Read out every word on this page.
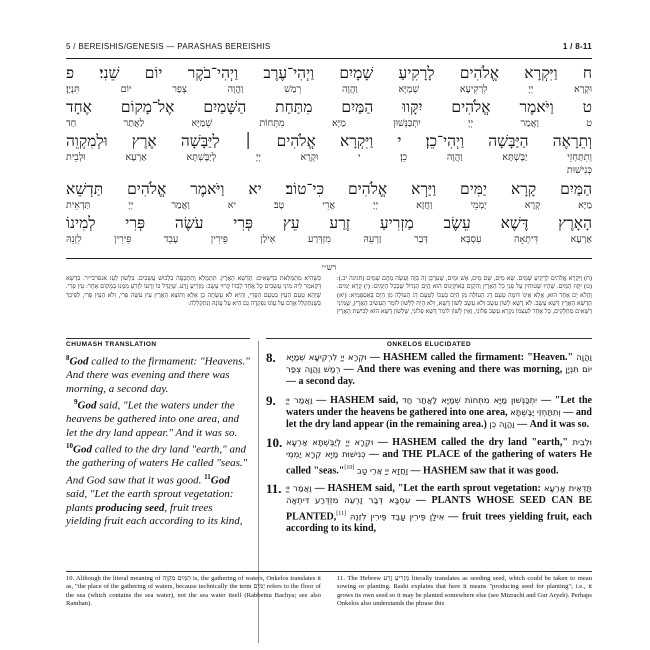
5 / BEREISHIS/GENESIS — PARASHAS BEREISHIS	1 / 8-11
ח וַיִּקְרָא אֱלֹהִים לָרָקִיעַ שָׁמָיִם וַיְהִי־עֶרֶב וַיְהִי־בֹקֶר יוֹם שֵׁנִי׃ פ
וּקְרָא יְיָ לִרְקִיעָא שְׁמַיָּא וַהֲוָה רְמַשׁ וַהֲוָה צְפַר יוֹם תִּנְיָן׃
ט וַיֹּאמֶר אֱלֹהִים יִקָּווּ הַמַּיִם מִתַּחַת הַשָּׁמַיִם אֶל־מָקוֹם אֶחָד
ט וַאֲמַר יְיָ יִתְכַּנְּשׁוּן מַיָּא מִתְּחוֹת שְׁמַיָּא לַאֲתַר חַד
וְתֵרָאֶה הַיַּבָּשָׁה וַיְהִי־כֵן׃ י וַיִּקְרָא אֱלֹהִים ׀ לַיַּבָּשָׁה אֶרֶץ וּלְמִקְוֵה
וְתִתַּחְזֵי יַבֶּשְׁתָּא וַהֲוָה כֵן׃ י וּקְרָא יְיָ לְיַבֶּשְׁתָּא אַרְעָא וּלְבֵית
כְּנִישׁוּת
הַמַּיִם קָרָא יַמִּים וַיַּרְא אֱלֹהִים כִּי־טוֹב׃ יא וַיֹּאמֶר אֱלֹהִים תַּדְשֵׁא
מַיָּא קְרָא יַמְמֵי וַחֲזָא יְיָ אֲרֵי טָב׃ יא וַאֲמַר יְיָ תַּדְאֵית
הָאָרֶץ דֶּשֶׁא עֵשֶׂב מַזְרִיעַ זֶרַע עֵץ פְּרִי עֹשֶׂה פְּרִי לְמִינוֹ
אַרְעָא דִּיתְאָה עִסְבָּא דְּבַר זַרְעֵהּ מִזְדְּרַע אִילַן פֵּירִין עָבֵד פֵּירִין לִזְנֵהּ
רש״י

(ח) וַיִּקְרָא אֱלֹהִים לָרָקִיעַ שָׁמַיִם. שָׂא מַיִם, שָׁם מַיִם, אֵשׁ וּמַיִם, שֶׁעֵרְבָן זֶה בָּזֶה וְעָשָׂה מֵהֶם שָׁמַיִם (חגיגה יב.): (ט) יִקָּווּ הַמַּיִם. שֶׁהָיוּ שְׁטוּחִין עַל פְּנֵי כָל הָאָרֶץ וְהִקְוָם בְּאוֹקְיָנוֹס הוּא הַיָּם הַגָּדוֹל שֶׁבְּכָל הַיַּמִּים: (י) קָרָא יַמִּים. וַהֲלֹא יָם אֶחָד הוּא, אֶלָּא אֵינוֹ דּוֹמֶה טַעַם דָּג הָעוֹלֶה מִן הַיָּם בְּעַכּוֹ לְטַעַם דָּג הָעוֹלֶה מִן הַיָּם בְּאַסְפַּמְיָא: (יא) תַּדְשֵׁא הָאָרֶץ דֶּשֶׁא עֵשֶׂב. לֹא דֶשֶׁא לְשׁוֹן עֵשֶׂב וְלֹא עֵשֶׂב לְשׁוֹן דֶּשֶׁא, וְלֹא הָיָה לַלָּשׁוֹן לוֹמַר תַּעְשִׂיב הָאָרֶץ, שֶׁמִּינֵי דְשָׁאִים מְחֻלָּקִים, כָּל אֶחָד לְעַצְמוֹ נִקְרָא עֵשֶׂב פְּלוֹנִי, וְאֵין לָשׁוֹן לוֹמַר דֶּשֶׁא פְלוֹנִי, שֶׁלְּשׁוֹן דֶּשֶׁא הוּא לְבִישַׁת הָאָרֶץ כְּשֶׁהִיא מִתְמַלֵּאת בִּדְשָׁאִים: תַּדְשֵׁא הָאָרֶץ. תִּתְמַלֵּא וְתִתְכַּסֶּה בִּלְבוּשׁ עֲשָׂבִים. בִּלְשׁוֹן לַעַז אנפרבי״ר. בִּדְשָׁא דְּקָאמַר לֵיהּ מִינֵי עֲשָׂבִים כָּל אֶחָד לְבַדּוֹ קָרוּי עֵשֶׂב: מַזְרִיעַ זֶרַע. שֶׁיְּגַדֵּל בּוֹ זַרְעוֹ לִזְרֹעַ מִמֶּנּוּ בְּמָקוֹם אַחֵר: עֵץ פְּרִי. שֶׁיְּהֵא טַעַם הָעֵץ כְּטַעַם הַפְּרִי, וְהִיא לֹא עָשְׂתָה כֵן אֶלָּא וַתּוֹצֵא הָאָרֶץ עֵץ עֹשֶׂה פְּרִי, וְלֹא הָעֵץ פְּרִי, לְפִיכָךְ כְּשֶׁנִּתְקַלֵּל אָדָם עַל עֲוֹנוֹ נִפְקְדָה גַם הִיא עַל עֲוֹנָהּ וְנִתְקַלְּלָה:

CHUMASH TRANSLATION	ONKELOS ELUCIDATED

$^8$God called to the firmament: "Heavens." And there was evening and there was morning, a second day.

$^9$God said, "Let the waters under the heavens be gathered into one area, and let the dry land appear." And it was so. $^{10}$God called to the dry land "earth," and the gathering of waters He called "seas." And God saw that it was good. $^{11}$God said, "Let the earth sprout vegetation: plants producing seed, fruit trees yielding fruit each according to its kind,

8. וּקְרָא יְיָ לִרְקִיעָא שְׁמַיָּא — HASHEM called the firmament: "Heaven." וַהֲוָה רְמַשׁ וַהֲוָה צְפַר — And there was evening and there was morning, יוֹם תִּנְיָן — a second day.

9. וַאֲמַר יְיָ — HASHEM said, יִתְכַּנְּשׁוּן מַיָּא מִתְּחוֹת שְׁמַיָּא לַאֲתַר חַד — "Let the waters under the heavens be gathered into one area, וְתִתַּחְזֵי יַבֶּשְׁתָּא — and let the dry land appear (in the remaining area.) וַהֲוָה כֵן — And it was so.

10. וּקְרָא יְיָ לְיַבֶּשְׁתָּא אַרְעָא — HASHEM called the dry land "earth," וּלְבֵית כְּנִישׁוּת מַיָּא קְרָא יַמְמֵי — and THE PLACE of the gathering of waters He called "seas."[10] וַחֲזָא יְיָ אֲרֵי טָב — HASHEM saw that it was good.

11. וַאֲמַר יְיָ — HASHEM said, "Let the earth sprout vegetation: תַּדְאֵית אַרְעָא דִּיתְאָה עִסְבָּא דְּבַר זַרְעֵהּ מִזְדְּרַע — PLANTS WHOSE SEED CAN BE PLANTED,[11] אִילַן פֵּירִין עָבֵד פֵּירִין לִזְנֵהּ — fruit trees yielding fruit, each according to its kind,

10. Although the literal meaning of הַמַּיִם מִקְוֵה is, the gathering of waters, Onkelos translates it as, "the place of the gathering of waters, because technically the term יַמִּים refers to the floor of the sea (which contains the sea water), not the sea water itself (Rabbeinu Bachya; see also Ramban).

11. The Hebrew מַזְרִיעַ זֶרַע literally translates as seeding seed, which could be taken to mean sowing or planting. Rashi explains that here it means "producing seed for planting"; i.e., it grows its own seed so it may be planted somewhere else (see Mizrachi and Gur Aryeh). Perhaps Onkelos also understands the phrase this
